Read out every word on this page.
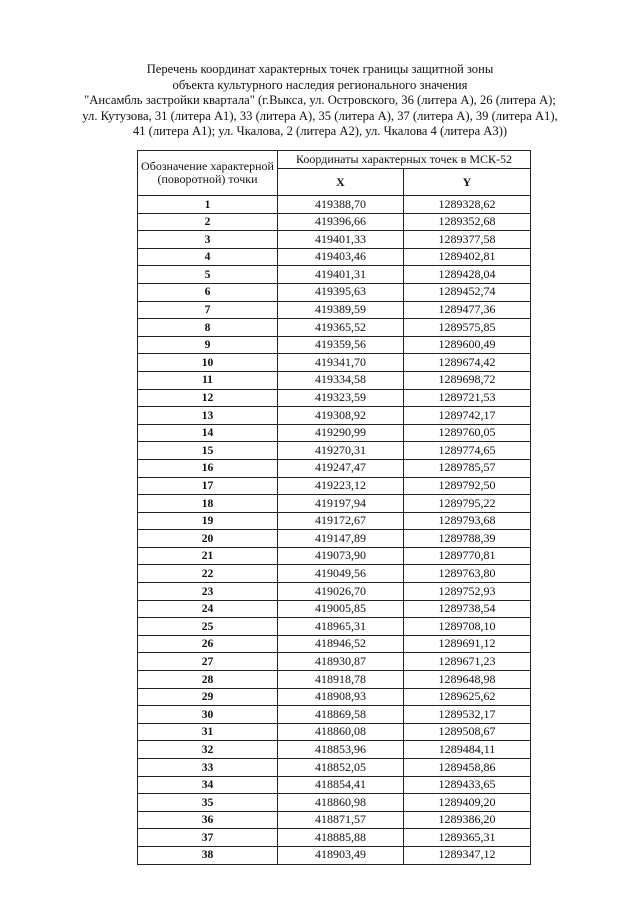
Перечень координат характерных точек границы защитной зоны
объекта культурного наследия регионального значения
"Ансамбль застройки квартала" (г.Выкса, ул. Островского, 36 (литера А), 26 (литера А);
ул. Кутузова, 31 (литера А1), 33 (литера А), 35 (литера А), 37 (литера А), 39 (литера А1),
41 (литера А1); ул. Чкалова, 2 (литера А2), ул. Чкалова 4 (литера А3))
Обозначение характерной (поворотной) точки	Координаты характерных точек в МСК-52	
	X	Y
1	419388,70	1289328,62
2	419396,66	1289352,68
3	419401,33	1289377,58
4	419403,46	1289402,81
5	419401,31	1289428,04
6	419395,63	1289452,74
7	419389,59	1289477,36
8	419365,52	1289575,85
9	419359,56	1289600,49
10	419341,70	1289674,42
11	419334,58	1289698,72
12	419323,59	1289721,53
13	419308,92	1289742,17
14	419290,99	1289760,05
15	419270,31	1289774,65
16	419247,47	1289785,57
17	419223,12	1289792,50
18	419197,94	1289795,22
19	419172,67	1289793,68
20	419147,89	1289788,39
21	419073,90	1289770,81
22	419049,56	1289763,80
23	419026,70	1289752,93
24	419005,85	1289738,54
25	418965,31	1289708,10
26	418946,52	1289691,12
27	418930,87	1289671,23
28	418918,78	1289648,98
29	418908,93	1289625,62
30	418869,58	1289532,17
31	418860,08	1289508,67
32	418853,96	1289484,11
33	418852,05	1289458,86
34	418854,41	1289433,65
35	418860,98	1289409,20
36	418871,57	1289386,20
37	418885,88	1289365,31
38	418903,49	1289347,12
